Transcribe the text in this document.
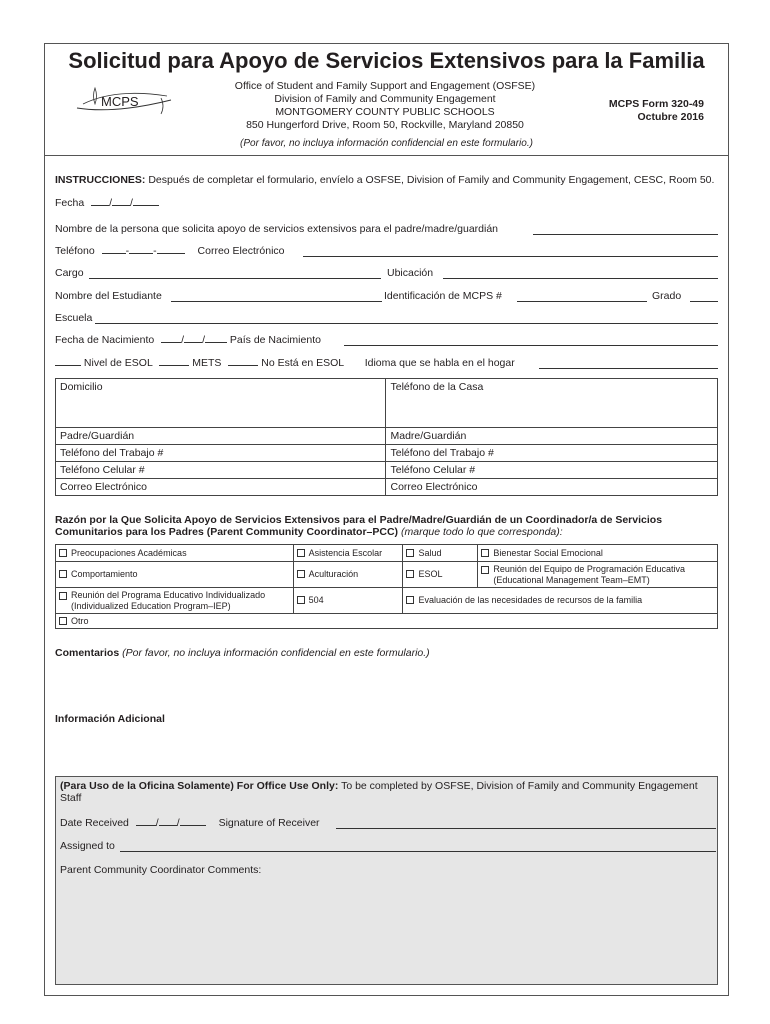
Solicitud para Apoyo de Servicios Extensivos para la Familia
MCPS
Office of Student and Family Support and Engagement (OSFSE)
Division of Family and Community Engagement
MONTGOMERY COUNTY PUBLIC SCHOOLS
850 Hungerford Drive, Room 50, Rockville, Maryland 20850
MCPS Form 320-49
Octubre 2016
(Por favor, no incluya información confidencial en este formulario.)
INSTRUCCIONES: Después de completar el formulario, envíelo a OSFSE, Division of Family and Community Engagement, CESC, Room 50.
Fecha / /
Nombre de la persona que solicita apoyo de servicios extensivos para el padre/madre/guardián
Teléfono	- -	Correo Electrónico
Cargo	Ubicación
Nombre del Estudiante	Identificación de MCPS #	Grado
Escuela
Fecha de Nacimiento	/ / País de Nacimiento
Nivel de ESOL	METS	No Está en ESOL Idioma que se habla en el hogar
Domicilio	Teléfono de la Casa
Padre/Guardián	Madre/Guardián
Teléfono del Trabajo #	Teléfono del Trabajo #
Teléfono Celular #	Teléfono Celular #
Correo Electrónico	Correo Electrónico
Razón por la Que Solicita Apoyo de Servicios Extensivos para el Padre/Madre/Guardián de un Coordinador/a de Servicios Comunitarios para los Padres (Parent Community Coordinator–PCC) (marque todo lo que corresponda):
Preocupaciones Académicas	Asistencia Escolar	Salud	Bienestar Social Emocional
Comportamiento	Aculturación	ESOL	Reunión del Equipo de Programación Educativa (Educational Management Team–EMT)

Reunión del Programa Educativo Individualizado (Individualized Education Program–IEP)	504	Evaluación de las necesidades de recursos de la familia	
Otro			
Comentarios (Por favor, no incluya información confidencial en este formulario.)
Información Adicional
(Para Uso de la Oficina Solamente) For Office Use Only: To be completed by OSFSE, Division of Family and Community Engagement Staff
Date Received	/ /	Signature of Receiver
Assigned to
Parent Community Coordinator Comments:
